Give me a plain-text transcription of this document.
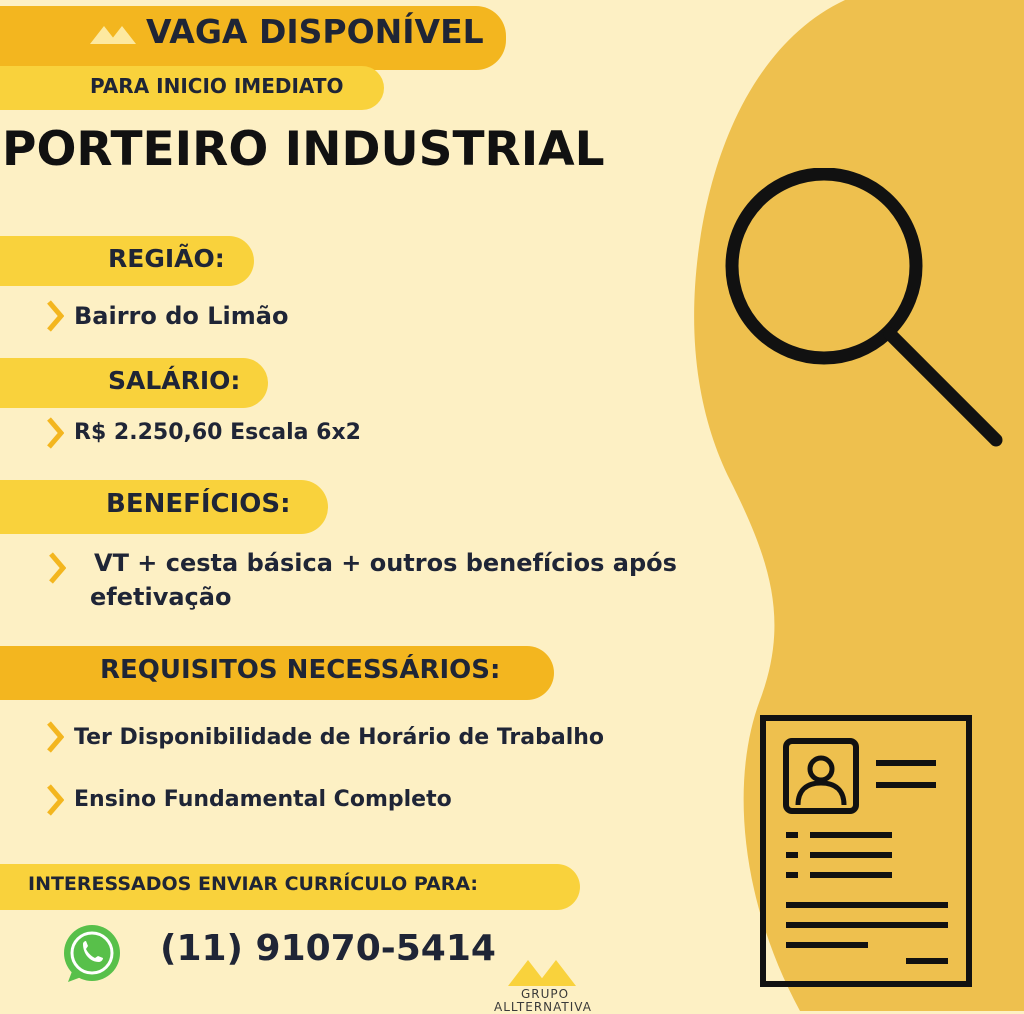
VAGA DISPONÍVEL
PARA INICIO IMEDIATO
PORTEIRO INDUSTRIAL
REGIÃO:
Bairro do Limão
SALÁRIO:
R$ 2.250,60 Escala 6x2
BENEFÍCIOS:
VT + cesta básica + outros benefícios após
efetivação
REQUISITOS NECESSÁRIOS:
Ter Disponibilidade de Horário de Trabalho
Ensino Fundamental Completo
INTERESSADOS ENVIAR CURRÍCULO PARA:
(11) 91070-5414
GRUPO
ALLTERNATIVA
